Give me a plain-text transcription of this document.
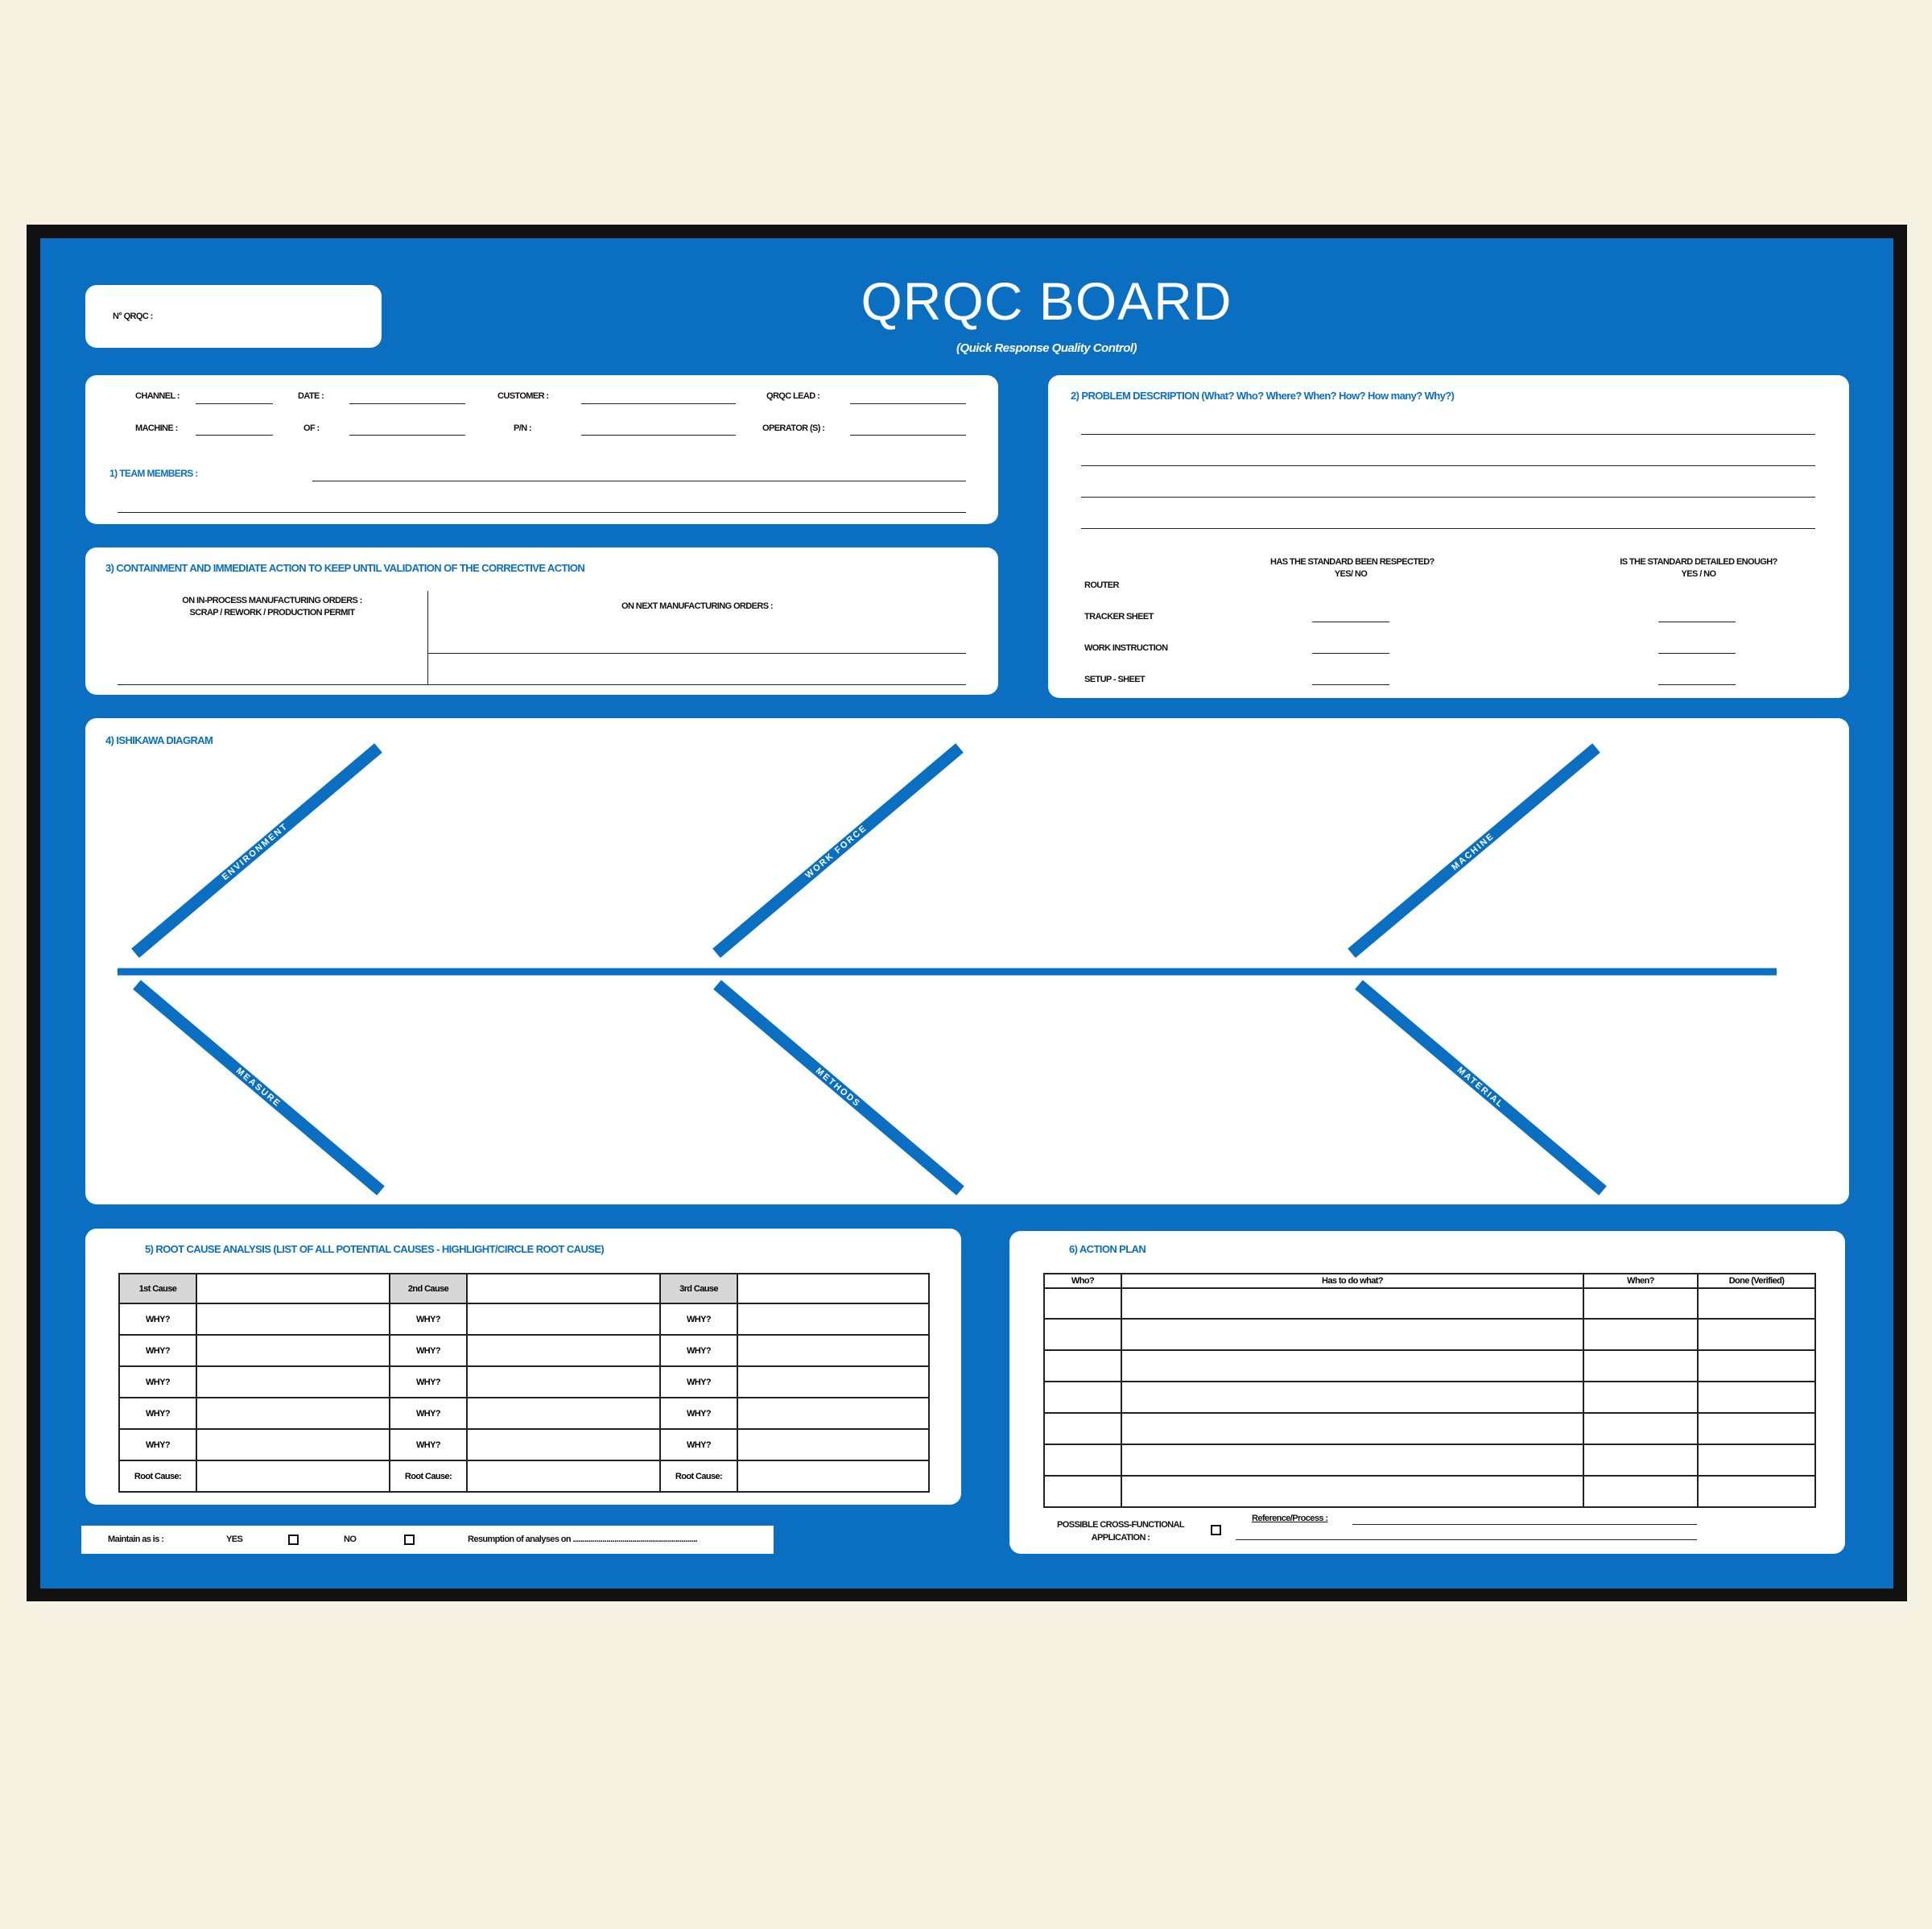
N° QRQC :	QRQC BOARD
(Quick Response Quality Control)
CHANNEL :	DATE :	CUSTOMER :	QRQC LEAD :
MACHINE :	OF :	P/N :	OPERATOR (S) :
1) TEAM MEMBERS :
2) PROBLEM DESCRIPTION (What? Who? Where? When? How? How many? Why?)
HAS THE STANDARD BEEN RESPECTED?
YES/ NO
IS THE STANDARD DETAILED ENOUGH?
YES / NO
ROUTER
TRACKER SHEET
WORK INSTRUCTION
SETUP - SHEET
3) CONTAINMENT AND IMMEDIATE ACTION TO KEEP UNTIL VALIDATION OF THE CORRECTIVE ACTION
ON IN-PROCESS MANUFACTURING ORDERS :
SCRAP / REWORK / PRODUCTION PERMIT
ON NEXT MANUFACTURING ORDERS :
4) ISHIKAWA DIAGRAM
ENVIRONMENT	WORK FORCE	MACHINE
MEASURE	METHODS	MATERIAL
5) ROOT CAUSE ANALYSIS (LIST OF ALL POTENTIAL CAUSES - HIGHLIGHT/CIRCLE ROOT CAUSE)
1st Cause		2nd Cause		3rd Cause	
WHY?		WHY?		WHY?	
WHY?		WHY?		WHY?	
WHY?		WHY?		WHY?	
WHY?		WHY?		WHY?	
WHY?		WHY?		WHY?	
Root Cause:		Root Cause:		Root Cause:	
Maintain as is :	YES	NO	Resumption of analyses on ...............................................................
6) ACTION PLAN
Who?	Has to do what?	When?	Done (Verified)

POSSIBLE CROSS-FUNCTIONAL
APPLICATION :
Reference/Process :
SKF.
